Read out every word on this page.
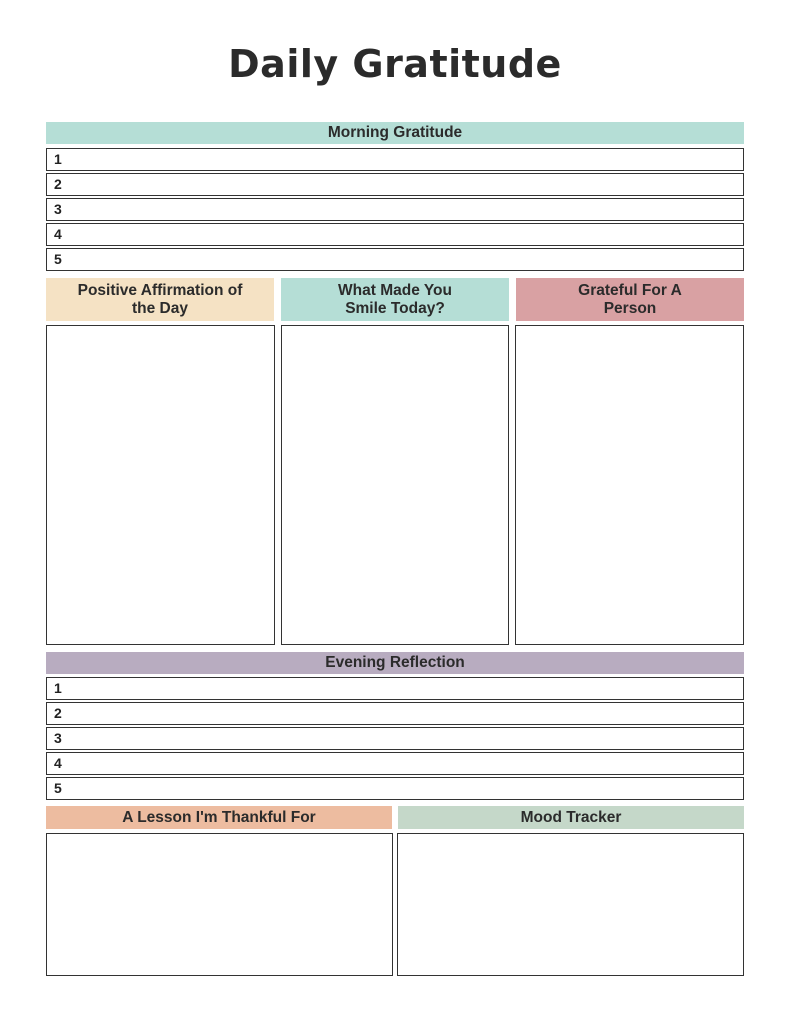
Daily Gratitude
Morning Gratitude
1
2
3
4
5
Positive Affirmation of the Day
What Made You Smile Today?
Grateful For A Person
Evening Reflection
1
2
3
4
5
A Lesson I'm Thankful For	Mood Tracker
